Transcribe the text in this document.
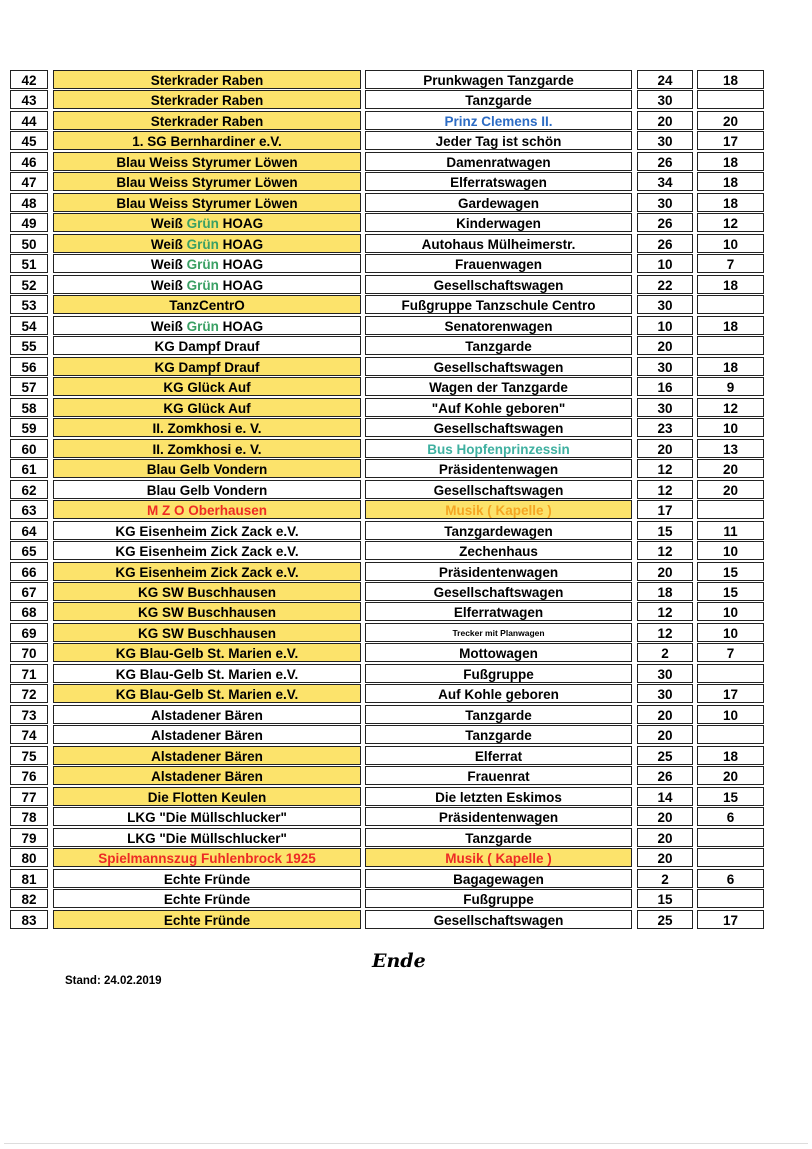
42	Sterkrader Raben	Prunkwagen Tanzgarde	24	18
43	Sterkrader Raben	Tanzgarde	30
44	Sterkrader Raben	Prinz Clemens II.	20	20
45	1. SG Bernhardiner e.V.	Jeder Tag ist schön	30	17
46	Blau Weiss Styrumer Löwen	Damenratwagen	26	18
47	Blau Weiss Styrumer Löwen	Elferratswagen	34	18
48	Blau Weiss Styrumer Löwen	Gardewagen	30	18
49	Weiß Grün HOAG	Kinderwagen	26	12
50	Weiß Grün HOAG	Autohaus Mülheimerstr.	26	10
51	Weiß Grün HOAG	Frauenwagen	10	7
52	Weiß Grün HOAG	Gesellschaftswagen	22	18
53	TanzCentrO	Fußgruppe Tanzschule Centro	30
54	Weiß Grün HOAG	Senatorenwagen	10	18
55	KG Dampf Drauf	Tanzgarde	20
56	KG Dampf Drauf	Gesellschaftswagen	30	18
57	KG Glück Auf	Wagen der Tanzgarde	16	9
58	KG Glück Auf	"Auf Kohle geboren"	30	12
59	II. Zomkhosi e. V.	Gesellschaftswagen	23	10
60	II. Zomkhosi e. V.	Bus Hopfenprinzessin	20	13
61	Blau Gelb Vondern	Präsidentenwagen	12	20
62	Blau Gelb Vondern	Gesellschaftswagen	12	20
63	M Z O Oberhausen	Musik ( Kapelle )	17
64	KG Eisenheim Zick Zack e.V.	Tanzgardewagen	15	11
65	KG Eisenheim Zick Zack e.V.	Zechenhaus	12	10
66	KG Eisenheim Zick Zack e.V.	Präsidentenwagen	20	15
67	KG SW Buschhausen	Gesellschaftswagen	18	15
68	KG SW Buschhausen	Elferratwagen	12	10
69	KG SW Buschhausen	Trecker mit Planwagen	12	10
70	KG Blau-Gelb St. Marien e.V.	Mottowagen	2	7
71	KG Blau-Gelb St. Marien e.V.	Fußgruppe	30
72	KG Blau-Gelb St. Marien e.V.	Auf Kohle geboren	30	17
73	Alstadener Bären	Tanzgarde	20	10
74	Alstadener Bären	Tanzgarde	20
75	Alstadener Bären	Elferrat	25	18
76	Alstadener Bären	Frauenrat	26	20
77	Die Flotten Keulen	Die letzten Eskimos	14	15
78	LKG "Die Müllschlucker"	Präsidentenwagen	20	6
79	LKG "Die Müllschlucker"	Tanzgarde	20
80	Spielmannszug Fuhlenbrock 1925	Musik ( Kapelle )	20
81	Echte Fründe	Bagagewagen	2	6
82	Echte Fründe	Fußgruppe	15
83	Echte Fründe	Gesellschaftswagen	25	17
Ende
Stand: 24.02.2019
